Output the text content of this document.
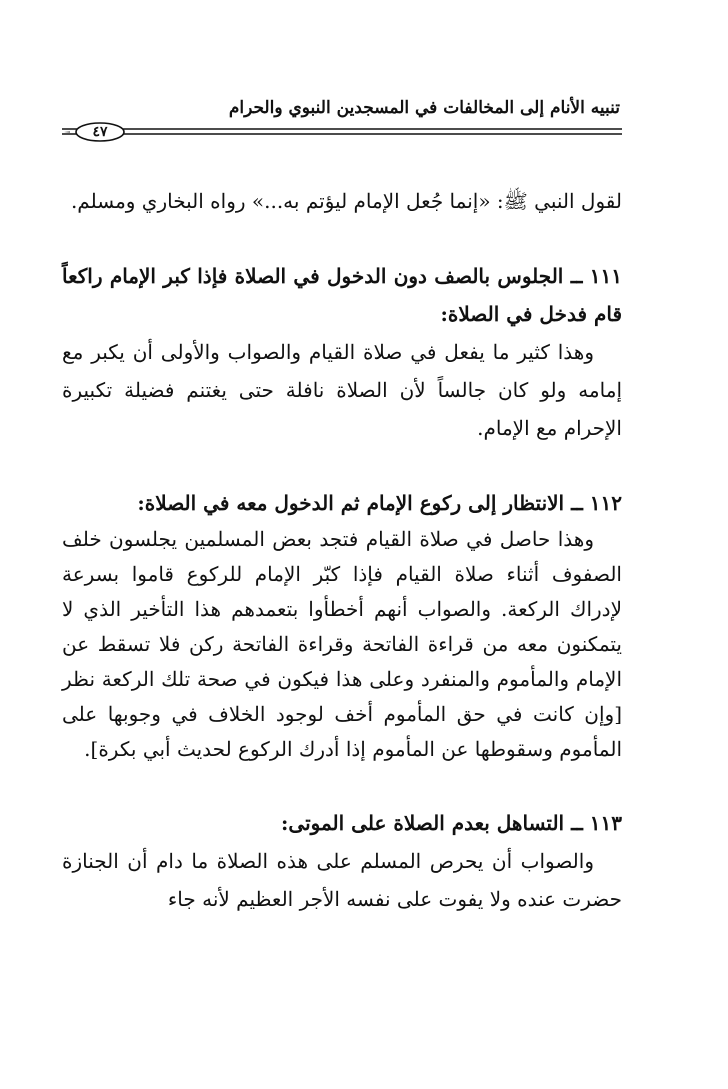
تنبيه الأنام إلى المخالفات في المسجدين النبوي والحرام
٤٧

لقول النبي ﷺ: «إنما جُعل الإمام ليؤتم به...» رواه البخاري ومسلم.

١١١ ــ الجلوس بالصف دون الدخول في الصلاة فإذا كبر الإمام راكعاً قام فدخل في الصلاة:

وهذا كثير ما يفعل في صلاة القيام والصواب والأولى أن يكبر مع إمامه ولو كان جالساً لأن الصلاة نافلة حتى يغتنم فضيلة تكبيرة الإحرام مع الإمام.

١١٢ ــ الانتظار إلى ركوع الإمام ثم الدخول معه في الصلاة:

وهذا حاصل في صلاة القيام فتجد بعض المسلمين يجلسون خلف الصفوف أثناء صلاة القيام فإذا كبّر الإمام للركوع قاموا بسرعة لإدراك الركعة. والصواب أنهم أخطأوا بتعمدهم هذا التأخير الذي لا يتمكنون معه من قراءة الفاتحة وقراءة الفاتحة ركن فلا تسقط عن الإمام والمأموم والمنفرد وعلى هذا فيكون في صحة تلك الركعة نظر [وإن كانت في حق المأموم أخف لوجود الخلاف في وجوبها على المأموم وسقوطها عن المأموم إذا أدرك الركوع لحديث أبي بكرة].

١١٣ ــ التساهل بعدم الصلاة على الموتى:

والصواب أن يحرص المسلم على هذه الصلاة ما دام أن الجنازة حضرت عنده ولا يفوت على نفسه الأجر العظيم لأنه جاء
